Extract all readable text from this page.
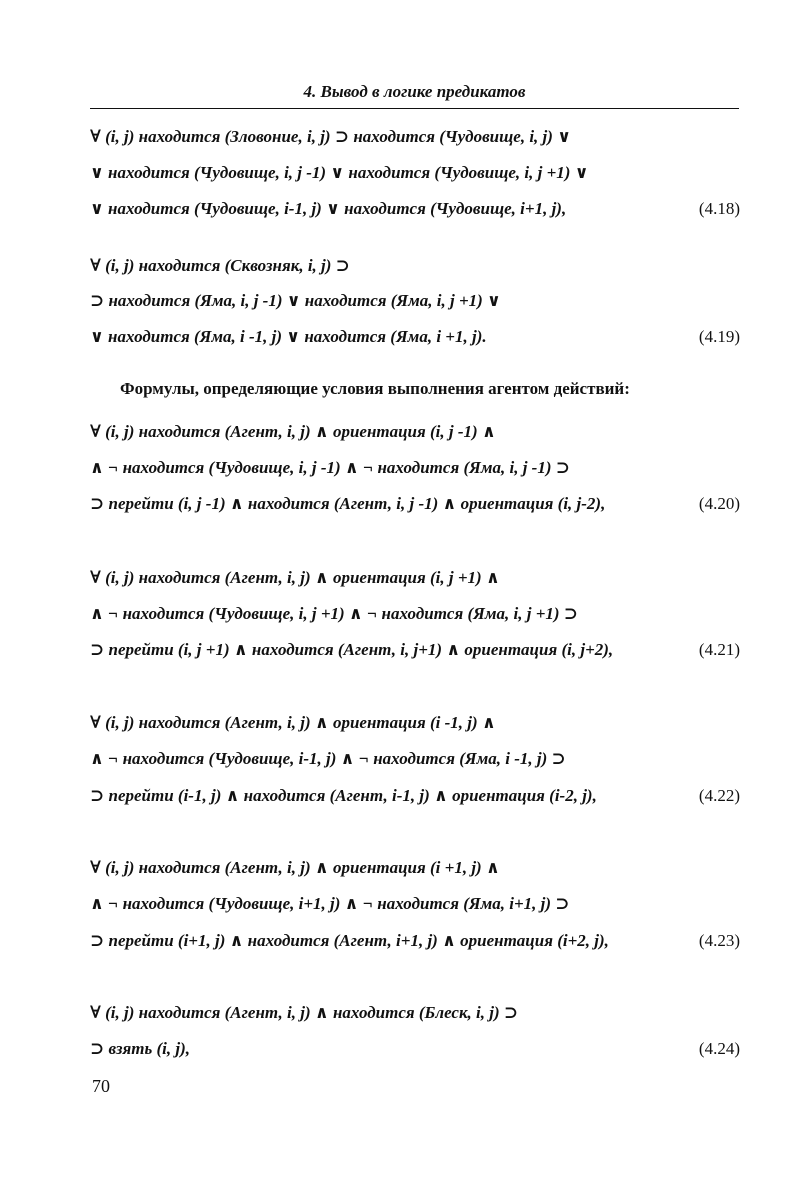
4. Вывод в логике предикатов
∀ (i, j) находится (Зловоние, i, j) ⊃ находится (Чудовище, i, j) ∨
∨ находится (Чудовище, i, j -1) ∨ находится (Чудовище, i, j +1) ∨
∨ находится (Чудовище, i-1, j) ∨ находится (Чудовище, i+1, j),	(4.18)
∀ (i, j) находится (Сквозняк, i, j) ⊃
⊃ находится (Яма, i, j -1) ∨ находится (Яма, i, j +1) ∨
∨ находится (Яма, i -1, j) ∨ находится (Яма, i +1, j).	(4.19)
Формулы, определяющие условия выполнения агентом действий:
∀ (i, j) находится (Агент, i, j) ∧ ориентация (i, j -1) ∧
∧ ¬ находится (Чудовище, i, j -1) ∧ ¬ находится (Яма, i, j -1) ⊃
⊃ перейти (i, j -1) ∧ находится (Агент, i, j -1) ∧ ориентация (i, j-2),	(4.20)
∀ (i, j) находится (Агент, i, j) ∧ ориентация (i, j +1) ∧
∧ ¬ находится (Чудовище, i, j +1) ∧ ¬ находится (Яма, i, j +1) ⊃
⊃ перейти (i, j +1) ∧ находится (Агент, i, j+1) ∧ ориентация (i, j+2),	(4.21)
∀ (i, j) находится (Агент, i, j) ∧ ориентация (i -1, j) ∧
∧ ¬ находится (Чудовище, i-1, j) ∧ ¬ находится (Яма, i -1, j) ⊃
⊃ перейти (i-1, j) ∧ находится (Агент, i-1, j) ∧ ориентация (i-2, j),	(4.22)
∀ (i, j) находится (Агент, i, j) ∧ ориентация (i +1, j) ∧
∧ ¬ находится (Чудовище, i+1, j) ∧ ¬ находится (Яма, i+1, j) ⊃
⊃ перейти (i+1, j) ∧ находится (Агент, i+1, j) ∧ ориентация (i+2, j),	(4.23)
∀ (i, j) находится (Агент, i, j) ∧ находится (Блеск, i, j) ⊃
⊃ взять (i, j),	(4.24)
70
